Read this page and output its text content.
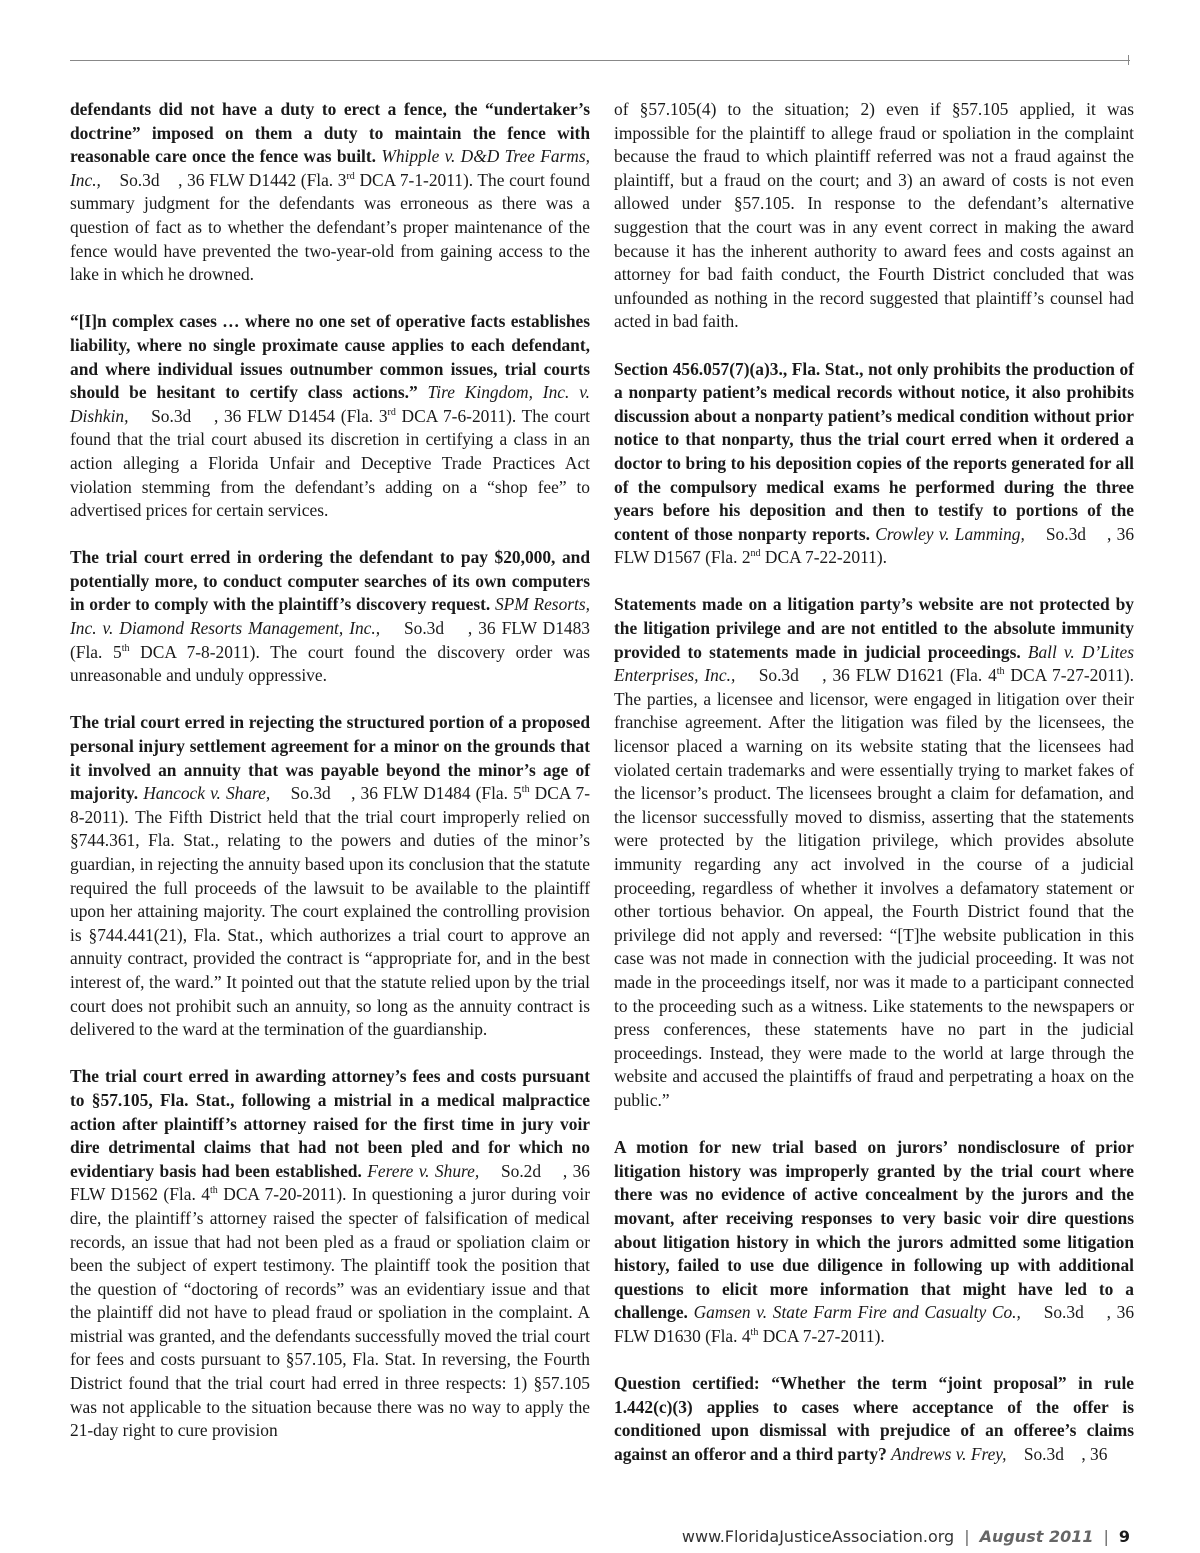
defendants did not have a duty to erect a fence, the “undertaker’s doctrine” imposed on them a duty to maintain the fence with reasonable care once the fence was built. Whipple v. D&D Tree Farms, Inc., So.3d , 36 FLW D1442 (Fla. 3rd DCA 7-1-2011). The court found summary judgment for the defendants was erroneous as there was a question of fact as to whether the defendant’s proper maintenance of the fence would have prevented the two-year-old from gaining access to the lake in which he drowned.

“[I]n complex cases … where no one set of operative facts establishes liability, where no single proximate cause applies to each defendant, and where individual issues outnumber common issues, trial courts should be hesitant to certify class actions.” Tire Kingdom, Inc. v. Dishkin, So.3d , 36 FLW D1454 (Fla. 3rd DCA 7-6-2011). The court found that the trial court abused its discretion in certifying a class in an action alleging a Florida Unfair and Deceptive Trade Practices Act violation stemming from the defendant’s adding on a “shop fee” to advertised prices for certain services.

The trial court erred in ordering the defendant to pay $20,000, and potentially more, to conduct computer searches of its own computers in order to comply with the plaintiff’s discovery request. SPM Resorts, Inc. v. Diamond Resorts Management, Inc., So.3d , 36 FLW D1483 (Fla. 5th DCA 7-8-2011). The court found the discovery order was unreasonable and unduly oppressive.

The trial court erred in rejecting the structured portion of a proposed personal injury settlement agreement for a minor on the grounds that it involved an annuity that was payable beyond the minor’s age of majority. Hancock v. Share, So.3d , 36 FLW D1484 (Fla. 5th DCA 7-8-2011). The Fifth District held that the trial court improperly relied on §744.361, Fla. Stat., relating to the powers and duties of the minor’s guardian, in rejecting the annuity based upon its conclusion that the statute required the full proceeds of the lawsuit to be available to the plaintiff upon her attaining majority. The court explained the controlling provision is §744.441(21), Fla. Stat., which authorizes a trial court to approve an annuity contract, provided the contract is “appropriate for, and in the best interest of, the ward.” It pointed out that the statute relied upon by the trial court does not prohibit such an annuity, so long as the annuity contract is delivered to the ward at the termination of the guardianship.

The trial court erred in awarding attorney’s fees and costs pursuant to §57.105, Fla. Stat., following a mistrial in a medical malpractice action after plaintiff’s attorney raised for the first time in jury voir dire detrimental claims that had not been pled and for which no evidentiary basis had been established. Ferere v. Shure, So.2d , 36 FLW D1562 (Fla. 4th DCA 7-20-2011). In questioning a juror during voir dire, the plaintiff’s attorney raised the specter of falsification of medical records, an issue that had not been pled as a fraud or spoliation claim or been the subject of expert testimony. The plaintiff took the position that the question of “doctoring of records” was an evidentiary issue and that the plaintiff did not have to plead fraud or spoliation in the complaint. A mistrial was granted, and the defendants successfully moved the trial court for fees and costs pursuant to §57.105, Fla. Stat. In reversing, the Fourth District found that the trial court had erred in three respects: 1) §57.105 was not applicable to the situation because there was no way to apply the 21-day right to cure provision

of §57.105(4) to the situation; 2) even if §57.105 applied, it was impossible for the plaintiff to allege fraud or spoliation in the complaint because the fraud to which plaintiff referred was not a fraud against the plaintiff, but a fraud on the court; and 3) an award of costs is not even allowed under §57.105. In response to the defendant’s alternative suggestion that the court was in any event correct in making the award because it has the inherent authority to award fees and costs against an attorney for bad faith conduct, the Fourth District concluded that was unfounded as nothing in the record suggested that plaintiff’s counsel had acted in bad faith.

Section 456.057(7)(a)3., Fla. Stat., not only prohibits the production of a nonparty patient’s medical records without notice, it also prohibits discussion about a nonparty patient’s medical condition without prior notice to that nonparty, thus the trial court erred when it ordered a doctor to bring to his deposition copies of the reports generated for all of the compulsory medical exams he performed during the three years before his deposition and then to testify to portions of the content of those nonparty reports. Crowley v. Lamming, So.3d , 36 FLW D1567 (Fla. 2nd DCA 7-22-2011).

Statements made on a litigation party’s website are not protected by the litigation privilege and are not entitled to the absolute immunity provided to statements made in judicial proceedings. Ball v. D’Lites Enterprises, Inc., So.3d , 36 FLW D1621 (Fla. 4th DCA 7-27-2011). The parties, a licensee and licensor, were engaged in litigation over their franchise agreement. After the litigation was filed by the licensees, the licensor placed a warning on its website stating that the licensees had violated certain trademarks and were essentially trying to market fakes of the licensor’s product. The licensees brought a claim for defamation, and the licensor successfully moved to dismiss, asserting that the statements were protected by the litigation privilege, which provides absolute immunity regarding any act involved in the course of a judicial proceeding, regardless of whether it involves a defamatory statement or other tortious behavior. On appeal, the Fourth District found that the privilege did not apply and reversed: “[T]he website publication in this case was not made in connection with the judicial proceeding. It was not made in the proceedings itself, nor was it made to a participant connected to the proceeding such as a witness. Like statements to the newspapers or press conferences, these statements have no part in the judicial proceedings. Instead, they were made to the world at large through the website and accused the plaintiffs of fraud and perpetrating a hoax on the public.”

A motion for new trial based on jurors’ nondisclosure of prior litigation history was improperly granted by the trial court where there was no evidence of active concealment by the jurors and the movant, after receiving responses to very basic voir dire questions about litigation history in which the jurors admitted some litigation history, failed to use due diligence in following up with additional questions to elicit more information that might have led to a challenge. Gamsen v. State Farm Fire and Casualty Co., So.3d , 36 FLW D1630 (Fla. 4th DCA 7-27-2011).

Question certified: “Whether the term “joint proposal” in rule 1.442(c)(3) applies to cases where acceptance of the offer is conditioned upon dismissal with prejudice of an offeree’s claims against an offeror and a third party? Andrews v. Frey, So.3d , 36

www.FloridaJusticeAssociation.org | August 2011 | 9
